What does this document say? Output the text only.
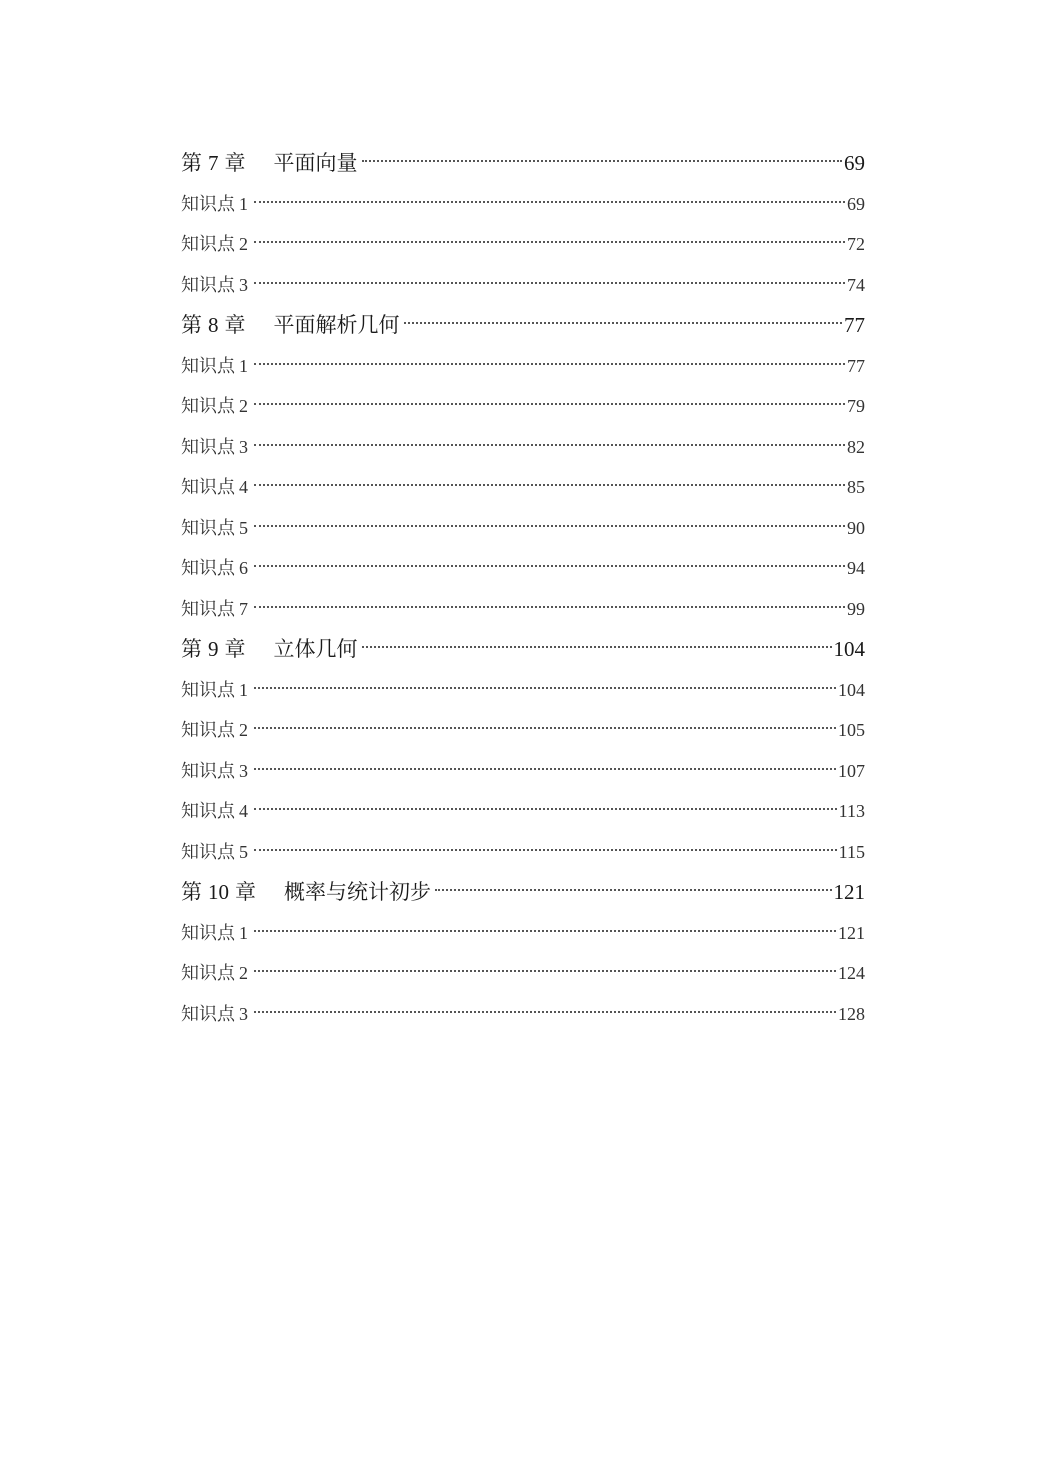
第 7 章 平面向量	69
知识点 1	69
知识点 2	72
知识点 3	74
第 8 章 平面解析几何	77
知识点 1	77
知识点 2	79
知识点 3	82
知识点 4	85
知识点 5	90
知识点 6	94
知识点 7	99
第 9 章 立体几何	104
知识点 1	104
知识点 2	105
知识点 3	107
知识点 4	113
知识点 5	115
第 10 章 概率与统计初步	121
知识点 1	121
知识点 2	124
知识点 3	128
